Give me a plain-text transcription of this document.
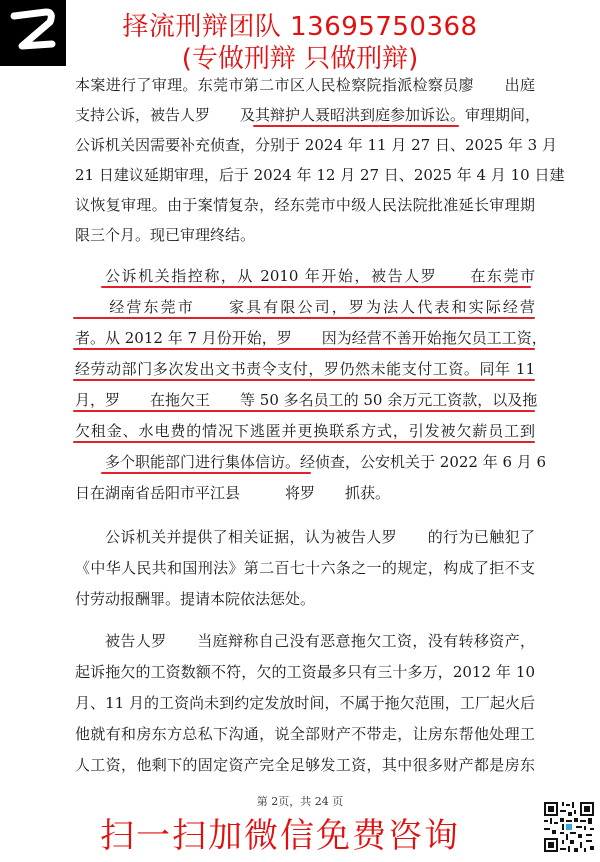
择流刑辩团队 13695750368
(专做刑辩 只做刑辩)
本案进行了审理。东莞市第二市区人民检察院指派检察员廖　　出庭
支持公诉，被告人罗　　及其辩护人聂昭洪到庭参加诉讼。审理期间，
公诉机关因需要补充侦查，分别于 2024 年 11 月 27 日、2025 年 3 月
21 日建议延期审理，后于 2024 年 12 月 27 日、2025 年 4 月 10 日建
议恢复审理。由于案情复杂，经东莞市中级人民法院批准延长审理期
限三个月。现已审理终结。
公诉机关指控称，从 2010 年开始，被告人罗　　在东莞市
　　经营东莞市　　家具有限公司，罗为法人代表和实际经营
者。从 2012 年 7 月份开始，罗　　因为经营不善开始拖欠员工工资，
经劳动部门多次发出文书责令支付，罗仍然未能支付工资。同年 11
月，罗　　在拖欠王　　等 50 多名员工的 50 余万元工资款，以及拖
欠租金、水电费的情况下逃匿并更换联系方式，引发被欠薪员工到
　　多个职能部门进行集体信访。经侦查，公安机关于 2022 年 6 月 6
日在湖南省岳阳市平江县　　　将罗　　抓获。
公诉机关并提供了相关证据，认为被告人罗　　的行为已触犯了
《中华人民共和国刑法》第二百七十六条之一的规定，构成了拒不支
付劳动报酬罪。提请本院依法惩处。
被告人罗　　当庭辩称自己没有恶意拖欠工资，没有转移资产，
起诉拖欠的工资数额不符，欠的工资最多只有三十多万，2012 年 10
月、11 月的工资尚未到约定发放时间，不属于拖欠范围，工厂起火后
他就有和房东方总私下沟通，说全部财产不带走，让房东帮他处理工
人工资，他剩下的固定资产完全足够发工资，其中很多财产都是房东
第 2页，共 24 页
扫一扫加微信免费咨询
